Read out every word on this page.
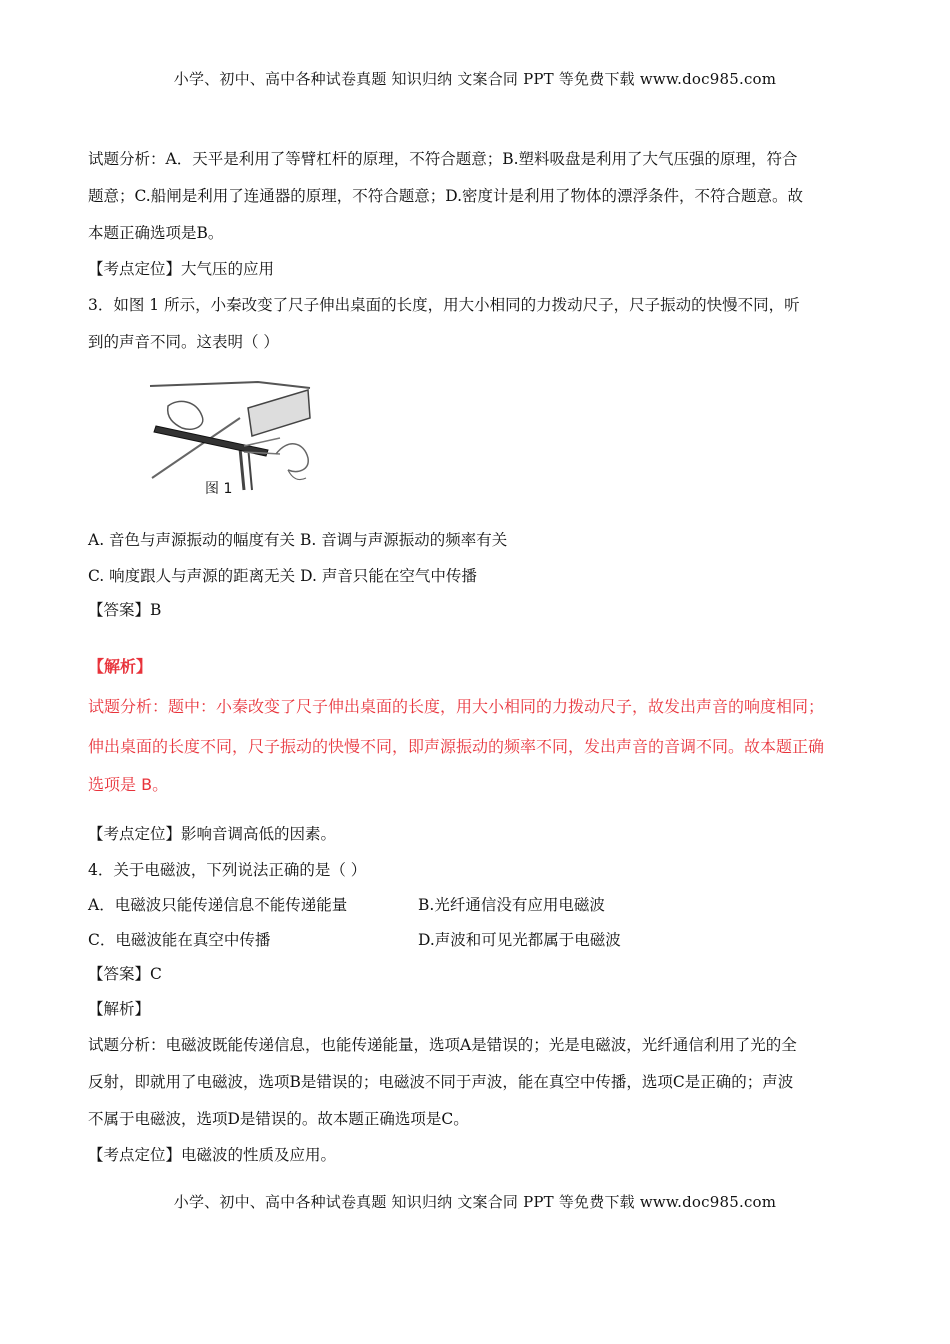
小学、初中、高中各种试卷真题 知识归纳 文案合同 PPT 等免费下载 www.doc985.com
试题分析：A．天平是利用了等臂杠杆的原理，不符合题意；B.塑料吸盘是利用了大气压强的原理，符合
题意；C.船闸是利用了连通器的原理，不符合题意；D.密度计是利用了物体的漂浮条件，不符合题意。故
本题正确选项是B。
【考点定位】大气压的应用
3．如图 1 所示，小秦改变了尺子伸出桌面的长度，用大小相同的力拨动尺子，尺子振动的快慢不同，听
到的声音不同。这表明（ ）
A. 音色与声源振动的幅度有关 B. 音调与声源振动的频率有关
C. 响度跟人与声源的距离无关 D. 声音只能在空气中传播
【答案】B
【解析】
试题分析：题中：小秦改变了尺子伸出桌面的长度，用大小相同的力拨动尺子，故发出声音的响度相同；
伸出桌面的长度不同，尺子振动的快慢不同，即声源振动的频率不同，发出声音的音调不同。故本题正确
选项是 B。
【考点定位】影响音调高低的因素。
4．关于电磁波，下列说法正确的是（ ）
A．电磁波只能传递信息不能传递能量	B.光纤通信没有应用电磁波
C．电磁波能在真空中传播	D.声波和可见光都属于电磁波
【答案】C
【解析】
试题分析：电磁波既能传递信息，也能传递能量，选项A是错误的；光是电磁波，光纤通信利用了光的全
反射，即就用了电磁波，选项B是错误的；电磁波不同于声波，能在真空中传播，选项C是正确的；声波
不属于电磁波，选项D是错误的。故本题正确选项是C。
【考点定位】电磁波的性质及应用。
图 1
小学、初中、高中各种试卷真题 知识归纳 文案合同 PPT 等免费下载 www.doc985.com
